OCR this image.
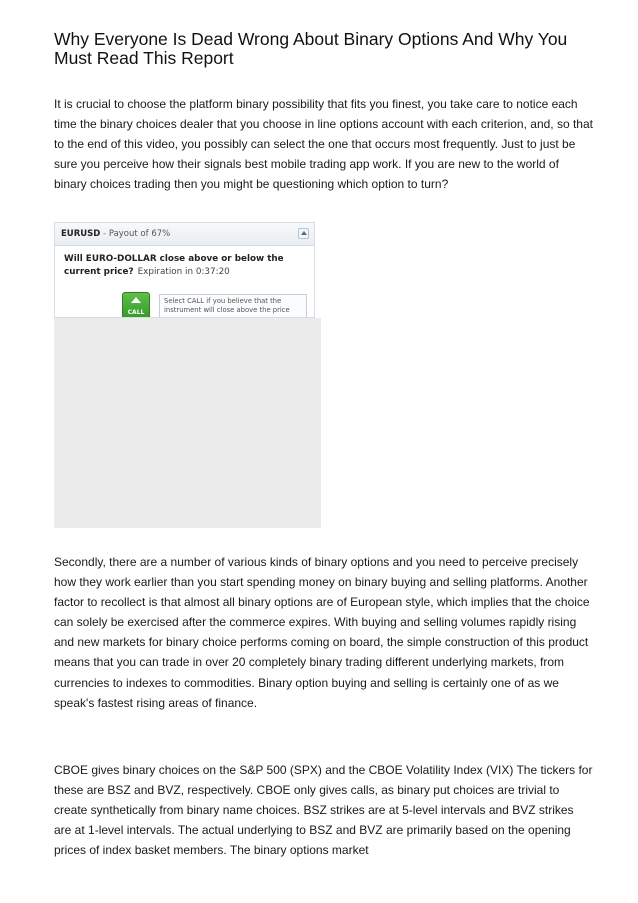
Why Everyone Is Dead Wrong About Binary Options And Why You Must Read This Report
It is crucial to choose the platform binary possibility that fits you finest, you take care to notice each time the binary choices dealer that you choose in line options account with each criterion, and, so that to the end of this video, you possibly can select the one that occurs most frequently. Just to just be sure you perceive how their signals best mobile trading app work. If you are new to the world of binary choices trading then you might be questioning which option to turn?
EURUSD - Payout of 67%
Will EURO-DOLLAR close above or below the current price? Expiration in 0:37:20
CALL
Select CALL if you believe that the instrument will close above the price
Secondly, there are a number of various kinds of binary options and you need to perceive precisely how they work earlier than you start spending money on binary buying and selling platforms. Another factor to recollect is that almost all binary options are of European style, which implies that the choice can solely be exercised after the commerce expires. With buying and selling volumes rapidly rising and new markets for binary choice performs coming on board, the simple construction of this product means that you can trade in over 20 completely binary trading different underlying markets, from currencies to indexes to commodities. Binary option buying and selling is certainly one of as we speak's fastest rising areas of finance.
CBOE gives binary choices on the S&P 500 (SPX) and the CBOE Volatility Index (VIX) The tickers for these are BSZ and BVZ, respectively. CBOE only gives calls, as binary put choices are trivial to create synthetically from binary name choices. BSZ strikes are at 5-level intervals and BVZ strikes are at 1-level intervals. The actual underlying to BSZ and BVZ are primarily based on the opening prices of index basket members. The binary options market
